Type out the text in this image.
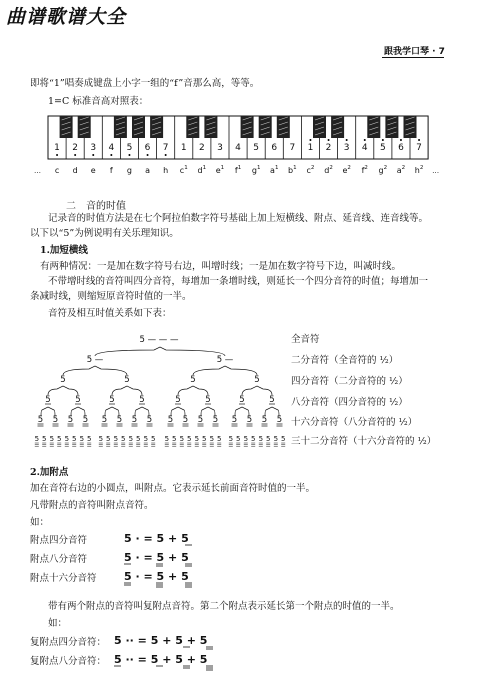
曲谱歌谱大全
跟我学口琴 · 7
即将“1”唱奏成键盘上小字一组的“f”音那么高，等等。
1=C 标准音高对照表：
1 2 3 4 5 6 7 1 2 3 4 5 6 7 1 2 3 4 5 6 7
… c d e f g a h $c^1$ $d^1$ $e^1$ $f^1$ $g^1$ $a^1$ $b^1$ $c^2$ $d^2$ $e^2$ $f^2$ $g^2$ $a^2$ $h^2$ …
二　音的时值
记录音的时值方法是在七个阿拉伯数字符号基础上加上短横线、附点、延音线、连音线等。
以下以“5”为例说明有关乐理知识。
1.加短横线
有两种情况：一是加在数字符号右边，叫增时线；一是加在数字符号下边，叫减时线。
不带增时线的音符叫四分音符，每增加一条增时线，则延长一个四分音符的时值；每增加一
条减时线，则缩短原音符时值的一半。
音符及相互时值关系如下表：
5 — — —
5 —	5 —
5	5	5	5
5	5	5	5	5	5	5	5
5 5 5 5 5 5 5 5 5 5 5 5 5 5 5 5
5 5 5 5 5 5 5 5 5 5 5 5 5 5 5 5 5 5 5 5 5 5 5 5 5 5 5 5 5 5 5 5
全音符
二分音符（全音符的 ½）
四分音符（二分音符的 ½）
八分音符（四分音符的 ½）
十六分音符（八分音符的 ½）
三十二分音符（十六分音符的 ½）
2.加附点
加在音符右边的小圆点，叫附点。它表示延长前面音符时值的一半。
凡带附点的音符叫附点音符。
如：
附点四分音符	5 · = 5 + 5
附点八分音符	5 · = 5 + 5
附点十六分音符 5 · = 5 + 5
带有两个附点的音符叫复附点音符。第二个附点表示延长第一个附点的时值的一半。
如：
复附点四分音符： 5 ·· = 5 + 5 + 5
复附点八分音符： 5 ·· = 5 + 5 + 5
